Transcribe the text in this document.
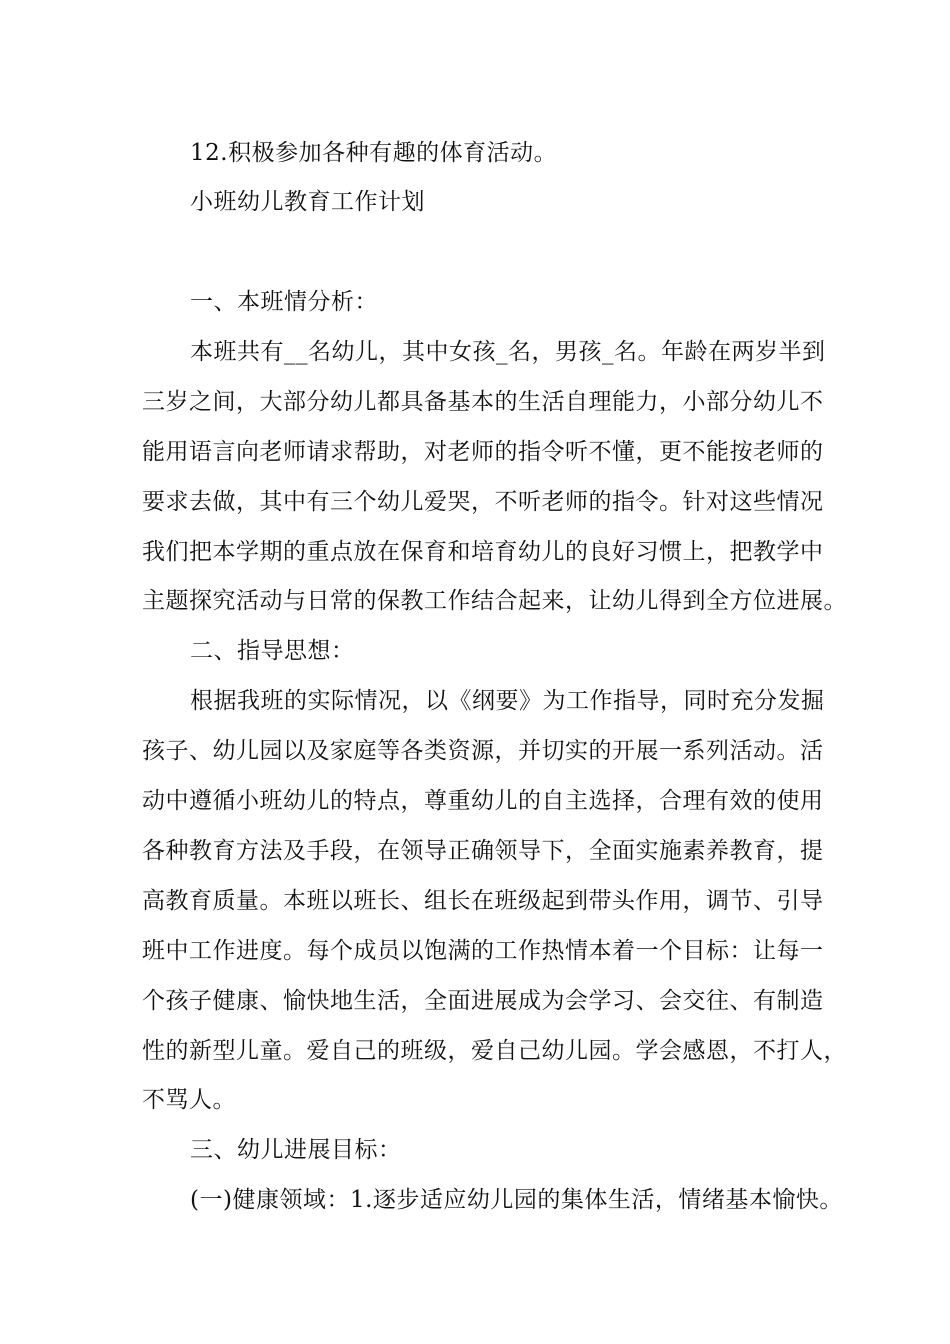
12.积极参加各种有趣的体育活动。
小班幼儿教育工作计划
一、本班情分析：
本班共有__名幼儿，其中女孩_名，男孩_名。年龄在两岁半到
三岁之间，大部分幼儿都具备基本的生活自理能力，小部分幼儿不
能用语言向老师请求帮助，对老师的指令听不懂，更不能按老师的
要求去做，其中有三个幼儿爱哭，不听老师的指令。针对这些情况
我们把本学期的重点放在保育和培育幼儿的良好习惯上，把教学中
主题探究活动与日常的保教工作结合起来，让幼儿得到全方位进展。
二、指导思想：
根据我班的实际情况，以《纲要》为工作指导，同时充分发掘
孩子、幼儿园以及家庭等各类资源，并切实的开展一系列活动。活
动中遵循小班幼儿的特点，尊重幼儿的自主选择，合理有效的使用
各种教育方法及手段，在领导正确领导下，全面实施素养教育，提
高教育质量。本班以班长、组长在班级起到带头作用，调节、引导
班中工作进度。每个成员以饱满的工作热情本着一个目标：让每一
个孩子健康、愉快地生活，全面进展成为会学习、会交往、有制造
性的新型儿童。爱自己的班级，爱自己幼儿园。学会感恩，不打人，
不骂人。
三、幼儿进展目标：
(一)健康领域：1.逐步适应幼儿园的集体生活，情绪基本愉快。
